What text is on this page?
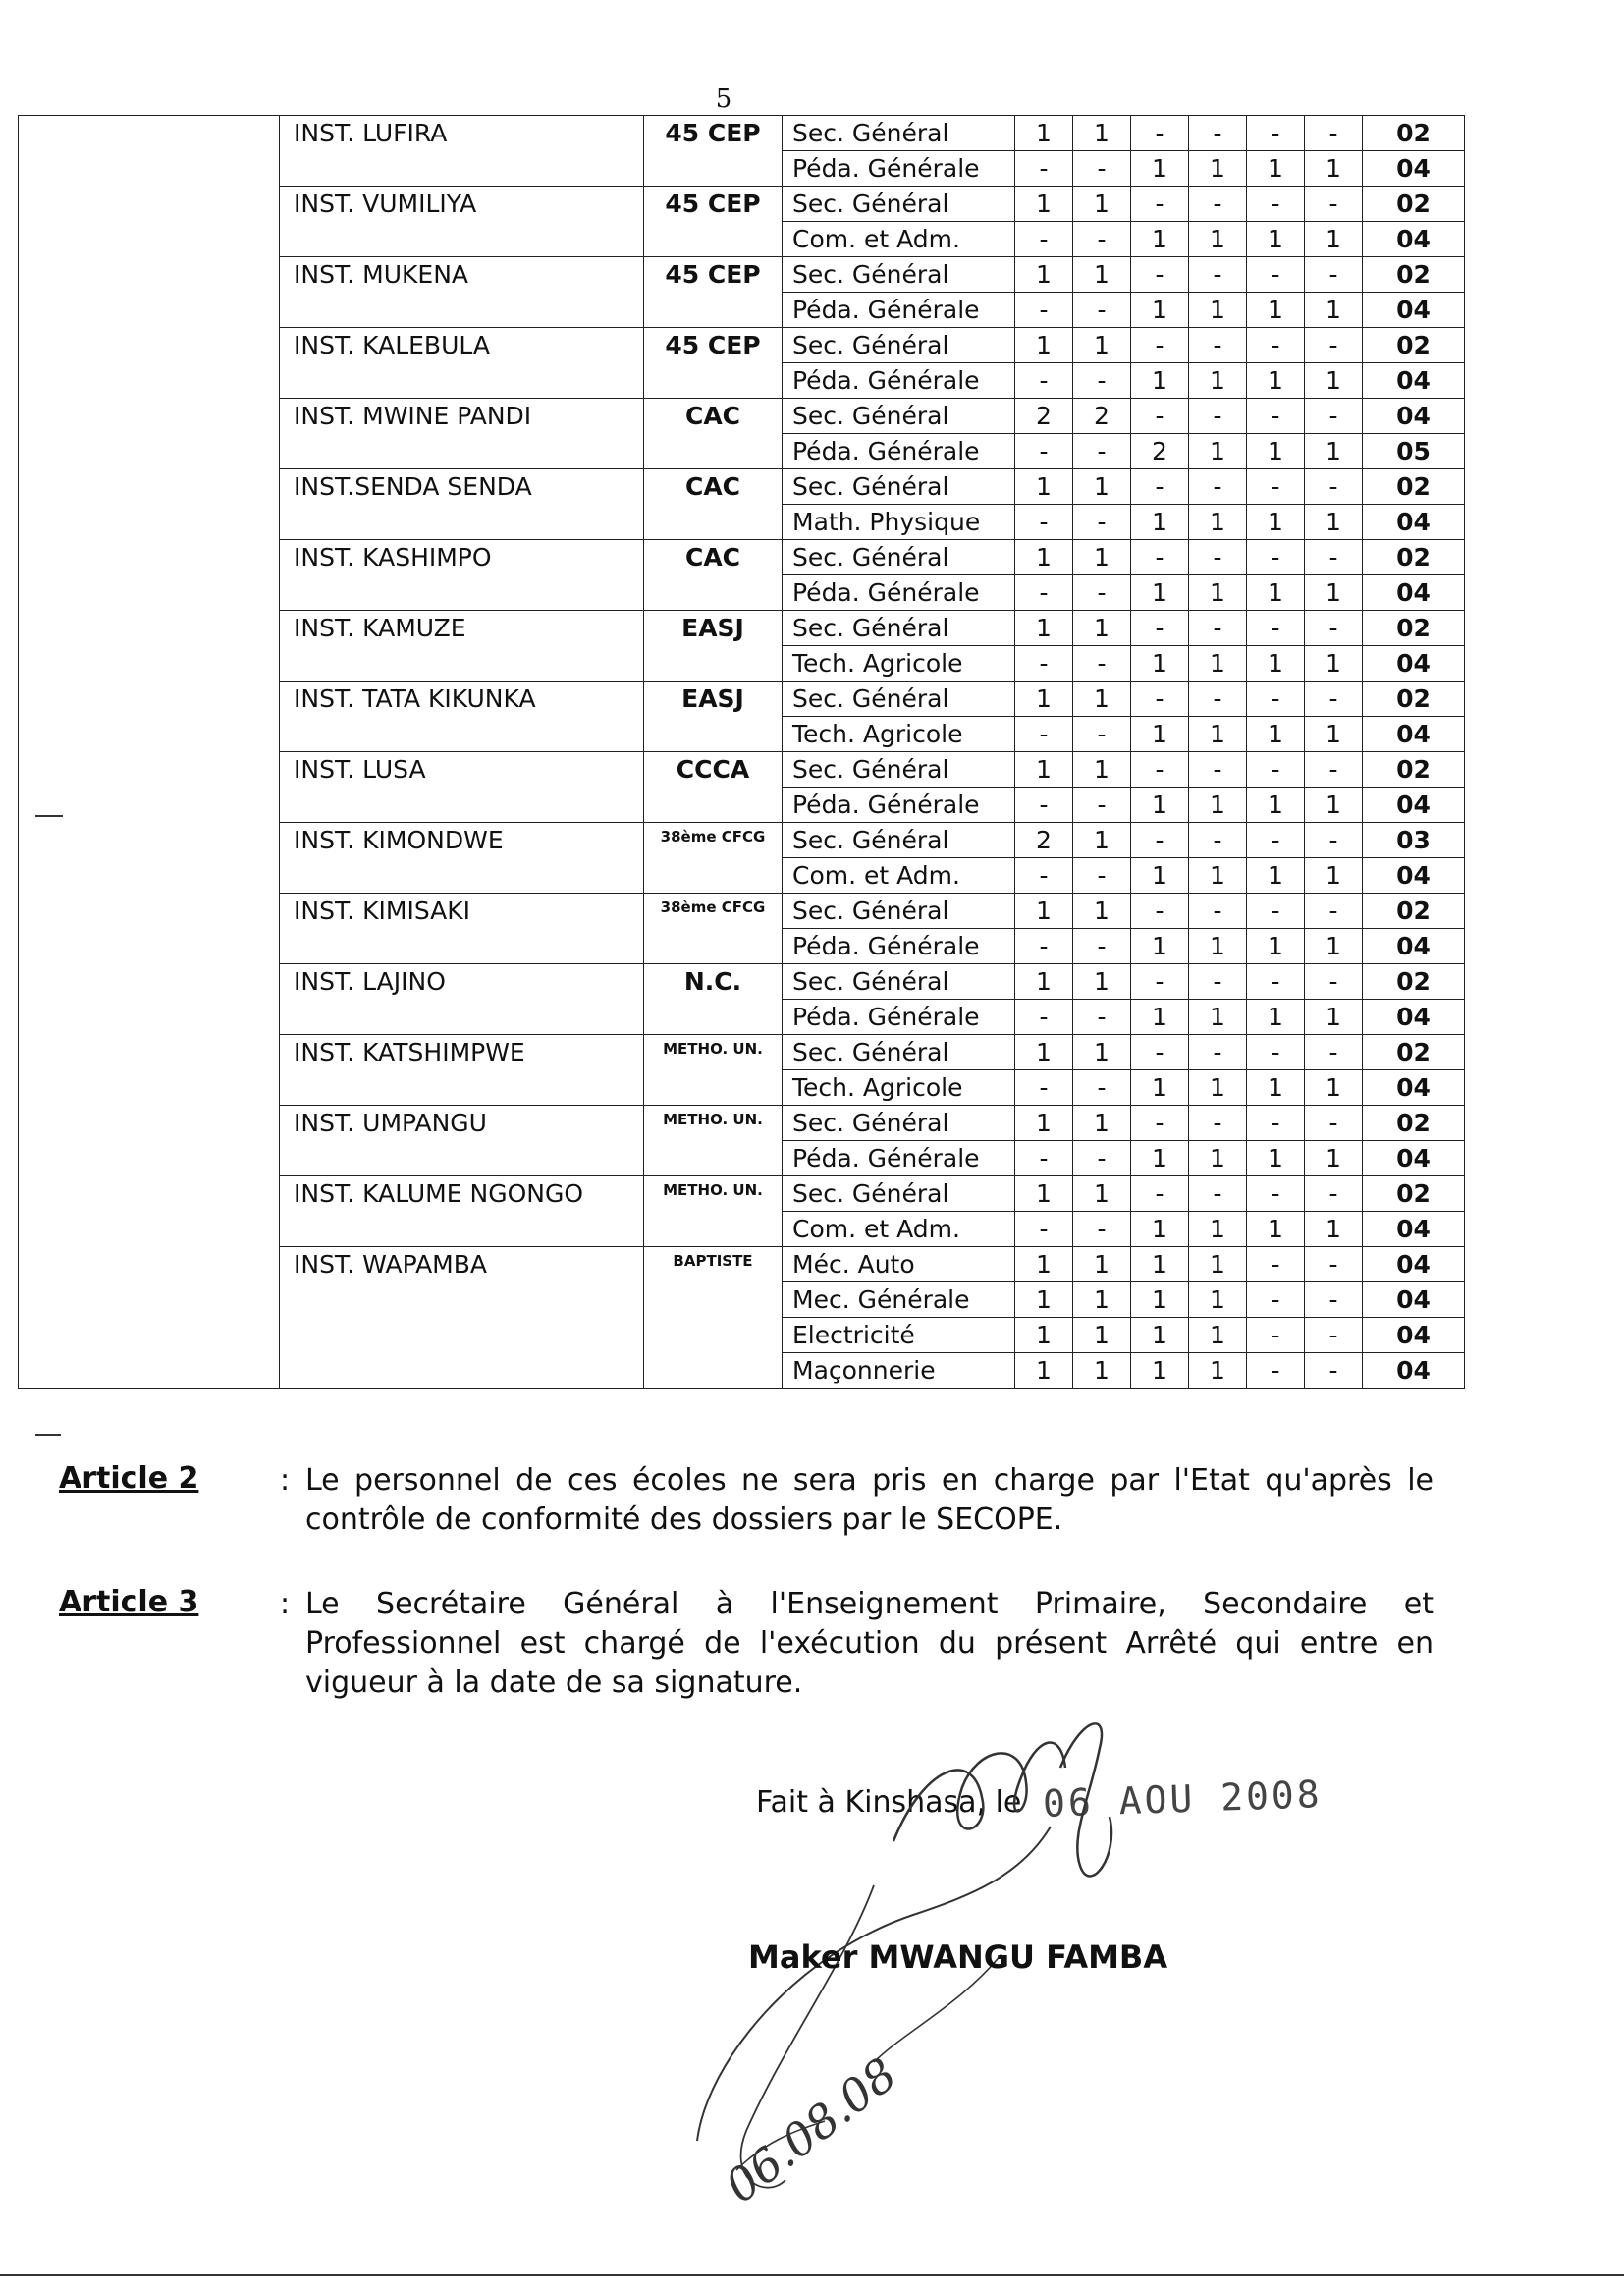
5
	INST. LUFIRA	45 CEP	Sec. Général	1	1	-	-	-	-	02
			Péda. Générale	-	-	1	1	1	1	04
	INST. VUMILIYA	45 CEP	Sec. Général	1	1	-	-	-	-	02
			Com. et Adm.	-	-	1	1	1	1	04
	INST. MUKENA	45 CEP	Sec. Général	1	1	-	-	-	-	02
			Péda. Générale	-	-	1	1	1	1	04
	INST. KALEBULA	45 CEP	Sec. Général	1	1	-	-	-	-	02
			Péda. Générale	-	-	1	1	1	1	04
	INST. MWINE PANDI	CAC	Sec. Général	2	2	-	-	-	-	04
			Péda. Générale	-	-	2	1	1	1	05
	INST.SENDA SENDA	CAC	Sec. Général	1	1	-	-	-	-	02
			Math. Physique	-	-	1	1	1	1	04
	INST. KASHIMPO	CAC	Sec. Général	1	1	-	-	-	-	02
			Péda. Générale	-	-	1	1	1	1	04
	INST. KAMUZE	EASJ	Sec. Général	1	1	-	-	-	-	02
			Tech. Agricole	-	-	1	1	1	1	04
	INST. TATA KIKUNKA	EASJ	Sec. Général	1	1	-	-	-	-	02
			Tech. Agricole	-	-	1	1	1	1	04
	INST. LUSA	CCCA	Sec. Général	1	1	-	-	-	-	02
			Péda. Générale	-	-	1	1	1	1	04
	INST. KIMONDWE	38ème CFCG	Sec. Général	2	1	-	-	-	-	03
			Com. et Adm.	-	-	1	1	1	1	04
	INST. KIMISAKI	38ème CFCG	Sec. Général	1	1	-	-	-	-	02
			Péda. Générale	-	-	1	1	1	1	04
	INST. LAJINO	N.C.	Sec. Général	1	1	-	-	-	-	02
			Péda. Générale	-	-	1	1	1	1	04
	INST. KATSHIMPWE	METHO. UN.	Sec. Général	1	1	-	-	-	-	02
			Tech. Agricole	-	-	1	1	1	1	04
	INST. UMPANGU	METHO. UN.	Sec. Général	1	1	-	-	-	-	02
			Péda. Générale	-	-	1	1	1	1	04
	INST. KALUME NGONGO	METHO. UN.	Sec. Général	1	1	-	-	-	-	02
			Com. et Adm.	-	-	1	1	1	1	04
	INST. WAPAMBA	BAPTISTE	Méc. Auto	1	1	1	1	-	-	04
			Mec. Générale	1	1	1	1	-	-	04
			Electricité	1	1	1	1	-	-	04
			Maçonnerie	1	1	1	1	-	-	04
Article 2	: Le personnel de ces écoles ne sera pris en charge par l'Etat qu'après le contrôle de conformité des dossiers par le SECOPE.
Article 3	: Le Secrétaire Général à l'Enseignement Primaire, Secondaire et Professionnel est chargé de l'exécution du présent Arrêté qui entre en vigueur à la date de sa signature.
Fait à Kinshasa, le 06 AOU 2008
06.08.08
Maker MWANGU FAMBA
